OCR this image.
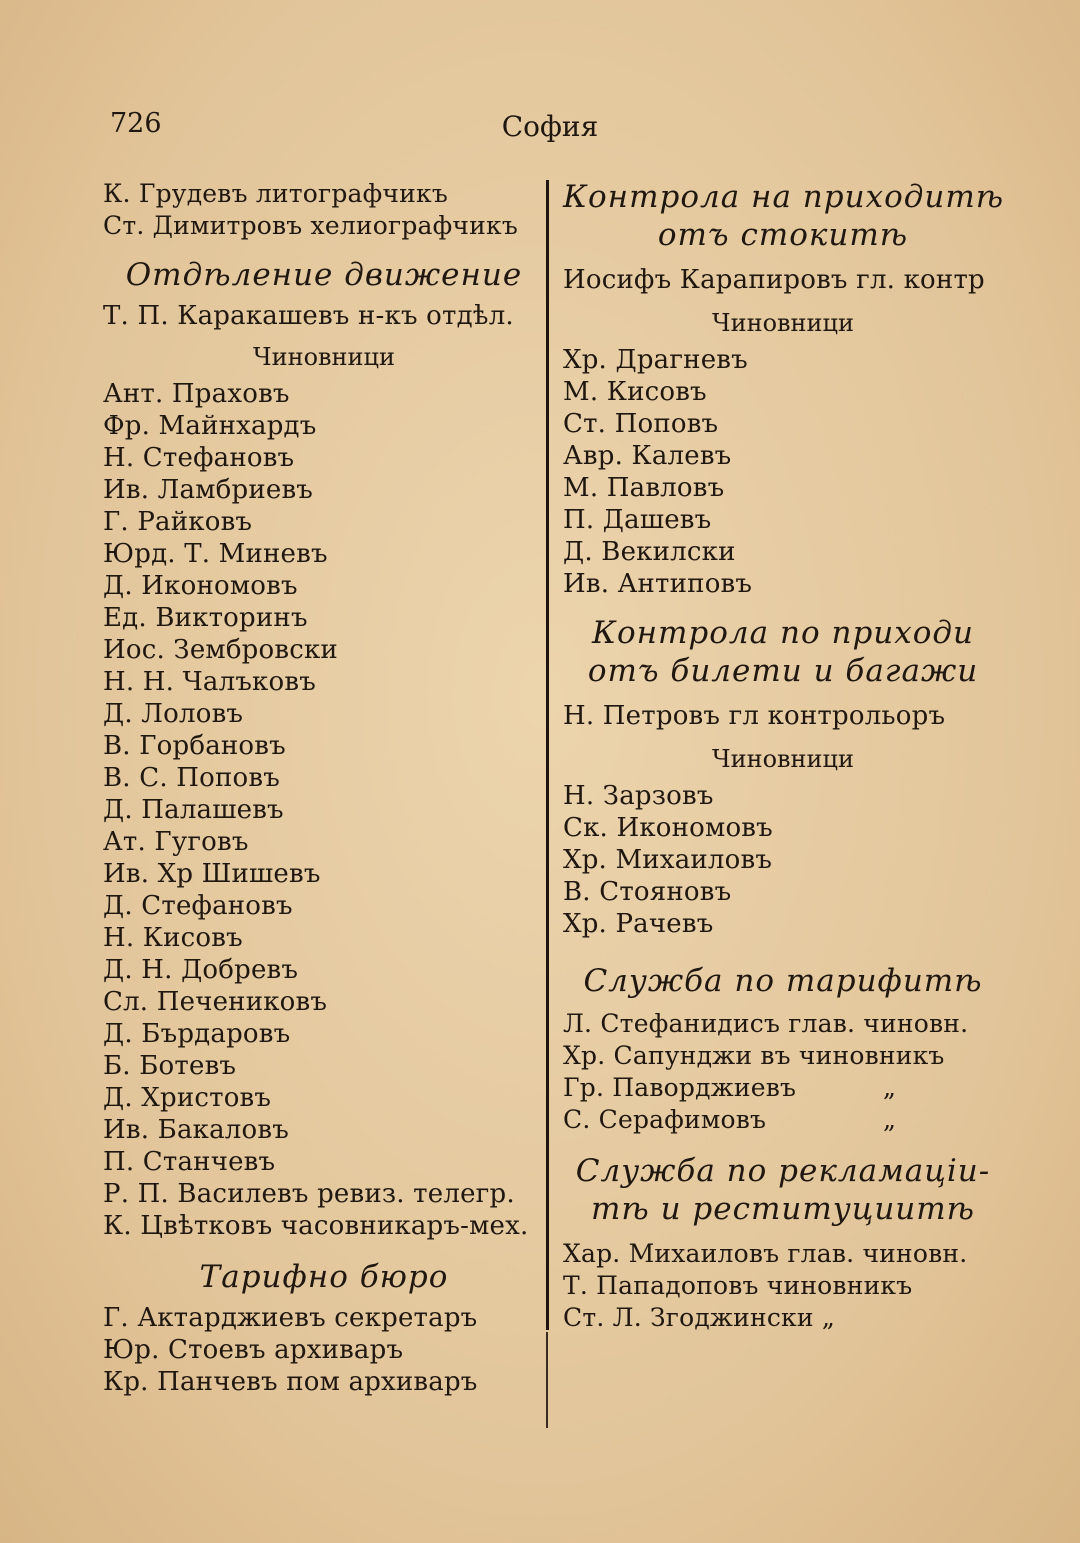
726	София
К. Грудевъ литографчикъ
Ст. Димитровъ хелиографчикъ
Отдѣление движение
Т. П. Каракашевъ н-къ отдѣл.
Чиновници
Ант. Праховъ
Фр. Майнхардъ
Н. Стефановъ
Ив. Ламбриевъ
Г. Райковъ
Юрд. Т. Миневъ
Д. Икономовъ
Ед. Викторинъ
Иос. Зембровски
Н. Н. Чалъковъ
Д. Лоловъ
В. Горбановъ
В. С. Поповъ
Д. Палашевъ
Ат. Гуговъ
Ив. Хр Шишевъ
Д. Стефановъ
Н. Кисовъ
Д. Н. Добревъ
Сл. Печениковъ
Д. Бърдаровъ
Б. Ботевъ
Д. Христовъ
Ив. Бакаловъ
П. Станчевъ
Р. П. Василевъ ревиз. телегр.
К. Цвѣтковъ часовникаръ-мех.
Тарифно бюро
Г. Актарджиевъ секретаръ
Юр. Стоевъ архиваръ
Кр. Панчевъ пом архиваръ
Контрола на приходитѣ
отъ стокитѣ
Иосифъ Карапировъ гл. контр
Чиновници
Хр. Драгневъ
М. Кисовъ
Ст. Поповъ
Авр. Калевъ
М. Павловъ
П. Дашевъ
Д. Векилски
Ив. Антиповъ
Контрола по приходи
отъ билети и багажи
Н. Петровъ гл контрольоръ
Чиновници
Н. Зарзовъ
Ск. Икономовъ
Хр. Михаиловъ
В. Стояновъ
Хр. Рачевъ
Служба по тарифитѣ
Л. Стефанидисъ глав. чиновн.
Хр. Сапунджи въ чиновникъ
Гр. Паворджиевъ	„
С. Серафимовъ	„
Служба по рекламацiи-
тѣ и реституциитѣ
Хар. Михаиловъ глав. чиновн.
Т. Пападоповъ чиновникъ
Ст. Л. Згоджински „
